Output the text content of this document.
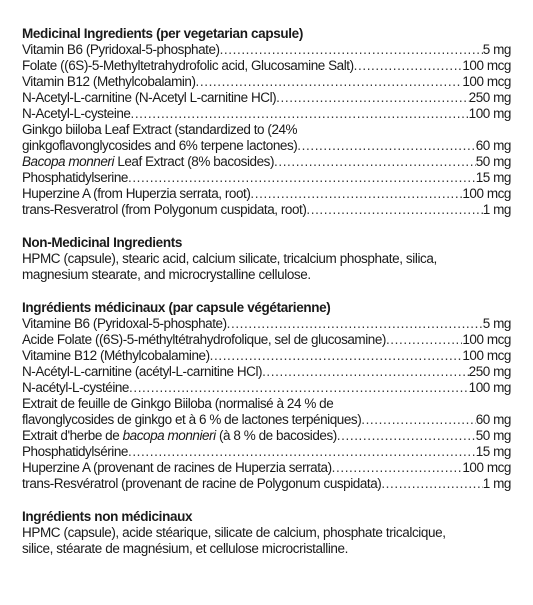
Medicinal Ingredients (per vegetarian capsule)
Vitamin B6 (Pyridoxal-5-phosphate) .....	5 mg
Folate ((6S)-5-Methyltetrahydrofolic acid, Glucosamine Salt) .....	100 mcg
Vitamin B12 (Methylcobalamin) .....	100 mcg
N-Acetyl-L-carnitine (N-Acetyl L-carnitine HCl) .....	250 mg
N-Acetyl-L-cysteine .....	100 mg
Ginkgo biiloba Leaf Extract (standardized to (24%
ginkgoflavonglycosides and 6% terpene lactones) .....	60 mg
Bacopa monneri Leaf Extract (8% bacosides) .....	50 mg
Phosphatidylserine .....	15 mg
Huperzine A (from Huperzia serrata, root) .....	100 mcg
trans-Resveratrol (from Polygonum cuspidata, root) .....	1 mg
Non-Medicinal Ingredients
HPMC (capsule), stearic acid, calcium silicate, tricalcium phosphate, silica,
magnesium stearate, and microcrystalline cellulose.
Ingrédients médicinaux (par capsule végétarienne)
Vitamine B6 (Pyridoxal-5-phosphate) .....	5 mg
Acide Folate ((6S)-5-méthyltétrahydrofolique, sel de glucosamine) .....	100 mcg
Vitamine B12 (Méthylcobalamine) .....	100 mcg
N-Acétyl-L-carnitine (acétyl-L-carnitine HCl) .....	250 mg
N-acétyl-L-cystéine .....	100 mg
Extrait de feuille de Ginkgo Biiloba (normalisé à 24 % de
flavonglycosides de ginkgo et à 6 % de lactones terpéniques) .....	60 mg
Extrait d'herbe de bacopa monnieri (à 8 % de bacosides) .....	50 mg
Phosphatidylsérine .....	15 mg
Huperzine A (provenant de racines de Huperzia serrata) .....	100 mcg
trans-Resvératrol (provenant de racine de Polygonum cuspidata) .....	1 mg
Ingrédients non médicinaux
HPMC (capsule), acide stéarique, silicate de calcium, phosphate tricalcique,
silice, stéarate de magnésium, et cellulose microcristalline.
